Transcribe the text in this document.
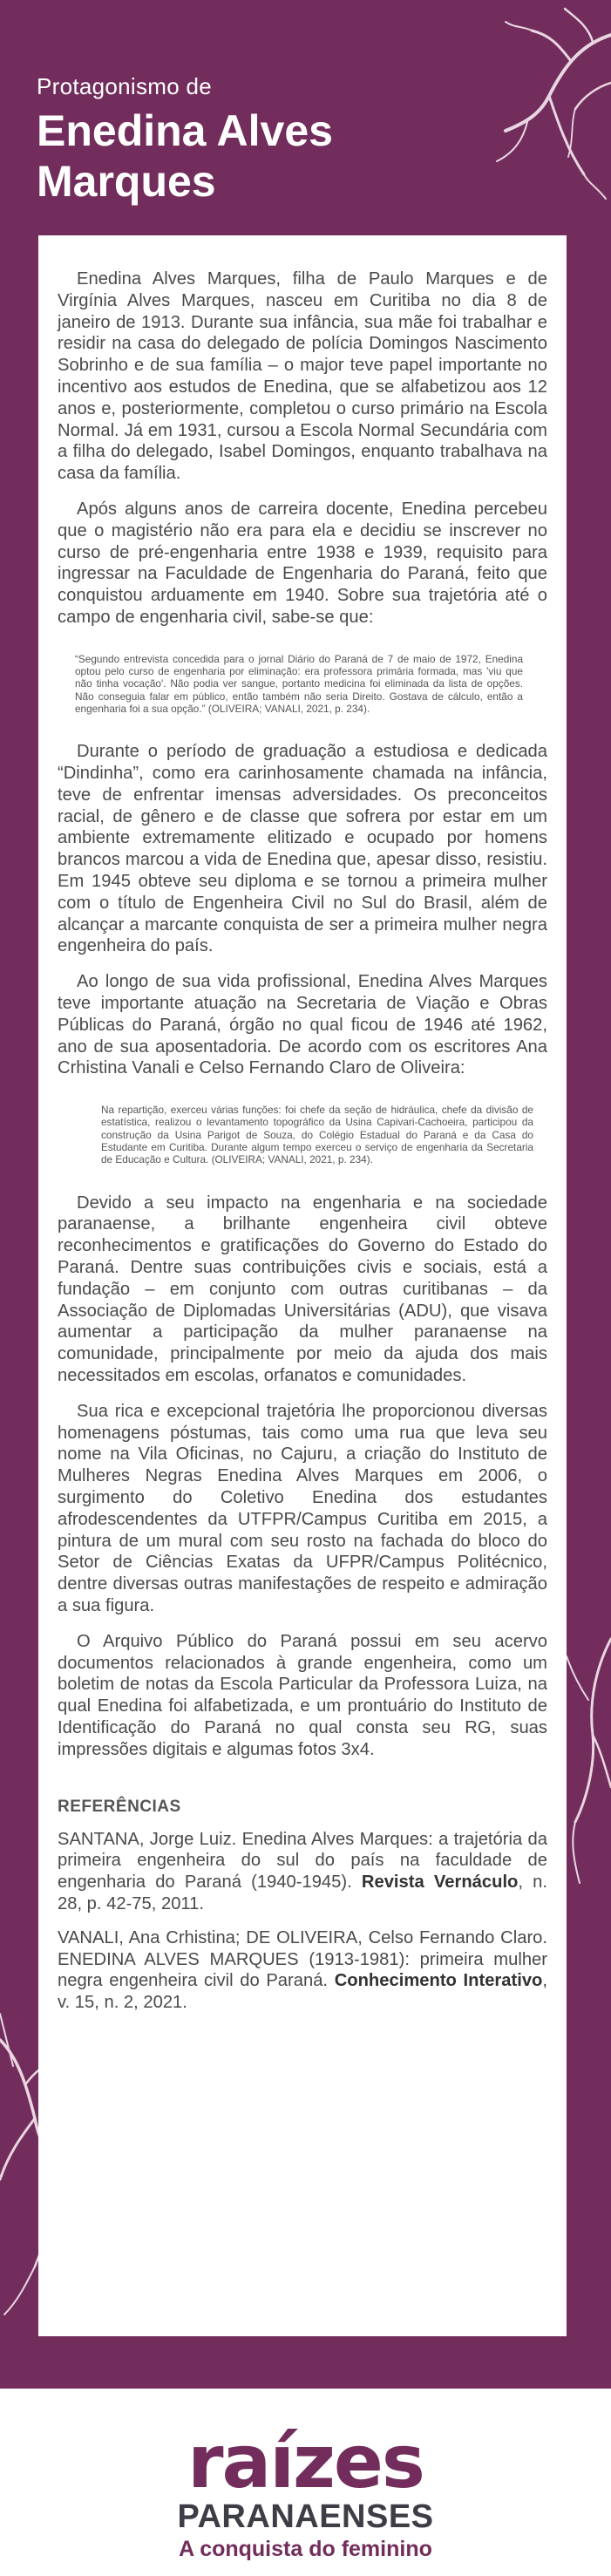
Protagonismo de
Enedina Alves
Marques

Enedina Alves Marques, filha de Paulo Marques e de Virgínia Alves Marques, nasceu em Curitiba no dia 8 de janeiro de 1913. Durante sua infância, sua mãe foi trabalhar e residir na casa do delegado de polícia Domingos Nascimento Sobrinho e de sua família – o major teve papel importante no incentivo aos estudos de Enedina, que se alfabetizou aos 12 anos e, posteriormente, completou o curso primário na Escola Normal. Já em 1931, cursou a Escola Normal Secundária com a filha do delegado, Isabel Domingos, enquanto trabalhava na casa da família.

Após alguns anos de carreira docente, Enedina percebeu que o magistério não era para ela e decidiu se inscrever no curso de pré-engenharia entre 1938 e 1939, requisito para ingressar na Faculdade de Engenharia do Paraná, feito que conquistou arduamente em 1940. Sobre sua trajetória até o campo de engenharia civil, sabe-se que:

“Segundo entrevista concedida para o jornal Diário do Paraná de 7 de maio de 1972, Enedina optou pelo curso de engenharia por eliminação: era professora primária formada, mas 'viu que não tinha vocação'. Não podia ver sangue, portanto medicina foi eliminada da lista de opções. Não conseguia falar em público, então também não seria Direito. Gostava de cálculo, então a engenharia foi a sua opção.” (OLIVEIRA; VANALI, 2021, p. 234).

Durante o período de graduação a estudiosa e dedicada “Dindinha”, como era carinhosamente chamada na infância, teve de enfrentar imensas adversidades. Os preconceitos racial, de gênero e de classe que sofrera por estar em um ambiente extremamente elitizado e ocupado por homens brancos marcou a vida de Enedina que, apesar disso, resistiu. Em 1945 obteve seu diploma e se tornou a primeira mulher com o título de Engenheira Civil no Sul do Brasil, além de alcançar a marcante conquista de ser a primeira mulher negra engenheira do país.

Ao longo de sua vida profissional, Enedina Alves Marques teve importante atuação na Secretaria de Viação e Obras Públicas do Paraná, órgão no qual ficou de 1946 até 1962, ano de sua aposentadoria. De acordo com os escritores Ana Crhistina Vanali e Celso Fernando Claro de Oliveira:

Na repartição, exerceu várias funções: foi chefe da seção de hidráulica, chefe da divisão de estatística, realizou o levantamento topográfico da Usina Capivari-Cachoeira, participou da construção da Usina Parigot de Souza, do Colégio Estadual do Paraná e da Casa do Estudante em Curitiba. Durante algum tempo exerceu o serviço de engenharia da Secretaria de Educação e Cultura. (OLIVEIRA; VANALI, 2021, p. 234).

Devido a seu impacto na engenharia e na sociedade paranaense, a brilhante engenheira civil obteve reconhecimentos e gratificações do Governo do Estado do Paraná. Dentre suas contribuições civis e sociais, está a fundação – em conjunto com outras curitibanas – da Associação de Diplomadas Universitárias (ADU), que visava aumentar a participação da mulher paranaense na comunidade, principalmente por meio da ajuda dos mais necessitados em escolas, orfanatos e comunidades.

Sua rica e excepcional trajetória lhe proporcionou diversas homenagens póstumas, tais como uma rua que leva seu nome na Vila Oficinas, no Cajuru, a criação do Instituto de Mulheres Negras Enedina Alves Marques em 2006, o surgimento do Coletivo Enedina dos estudantes afrodescendentes da UTFPR/Campus Curitiba em 2015, a pintura de um mural com seu rosto na fachada do bloco do Setor de Ciências Exatas da UFPR/Campus Politécnico, dentre diversas outras manifestações de respeito e admiração a sua figura.

O Arquivo Público do Paraná possui em seu acervo documentos relacionados à grande engenheira, como um boletim de notas da Escola Particular da Professora Luiza, na qual Enedina foi alfabetizada, e um prontuário do Instituto de Identificação do Paraná no qual consta seu RG, suas impressões digitais e algumas fotos 3x4.

REFERÊNCIAS

SANTANA, Jorge Luiz. Enedina Alves Marques: a trajetória da primeira engenheira do sul do país na faculdade de engenharia do Paraná (1940-1945). Revista Vernáculo, n. 28, p. 42-75, 2011.

VANALI, Ana Crhistina; DE OLIVEIRA, Celso Fernando Claro. ENEDINA ALVES MARQUES (1913-1981): primeira mulher negra engenheira civil do Paraná. Conhecimento Interativo, v. 15, n. 2, 2021.

raízes
PARANAENSES
A conquista do feminino
